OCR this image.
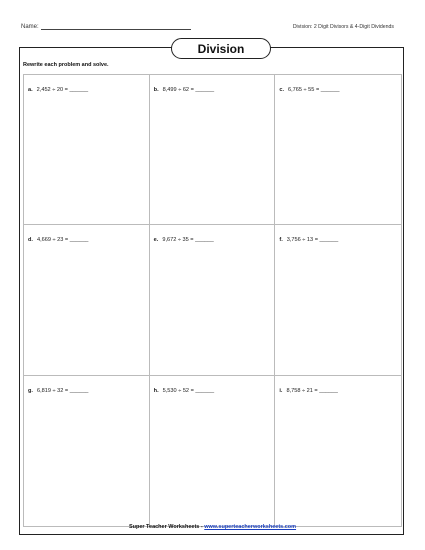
Name:	Division: 2 Digit Divisors & 4-Digit Dividends
Division
Rewrite each problem and solve.
a. 2,452 ÷ 20 = ______	b. 8,499 ÷ 62 = ______	c. 6,765 ÷ 55 = ______
d. 4,669 ÷ 23 = ______	e. 9,672 ÷ 35 = ______	f. 3,756 ÷ 13 = ______
g. 6,819 ÷ 32 = ______	h. 5,530 ÷ 52 = ______	i. 8,758 ÷ 21 = ______
Super Teacher Worksheets - www.superteacherworksheets.com
